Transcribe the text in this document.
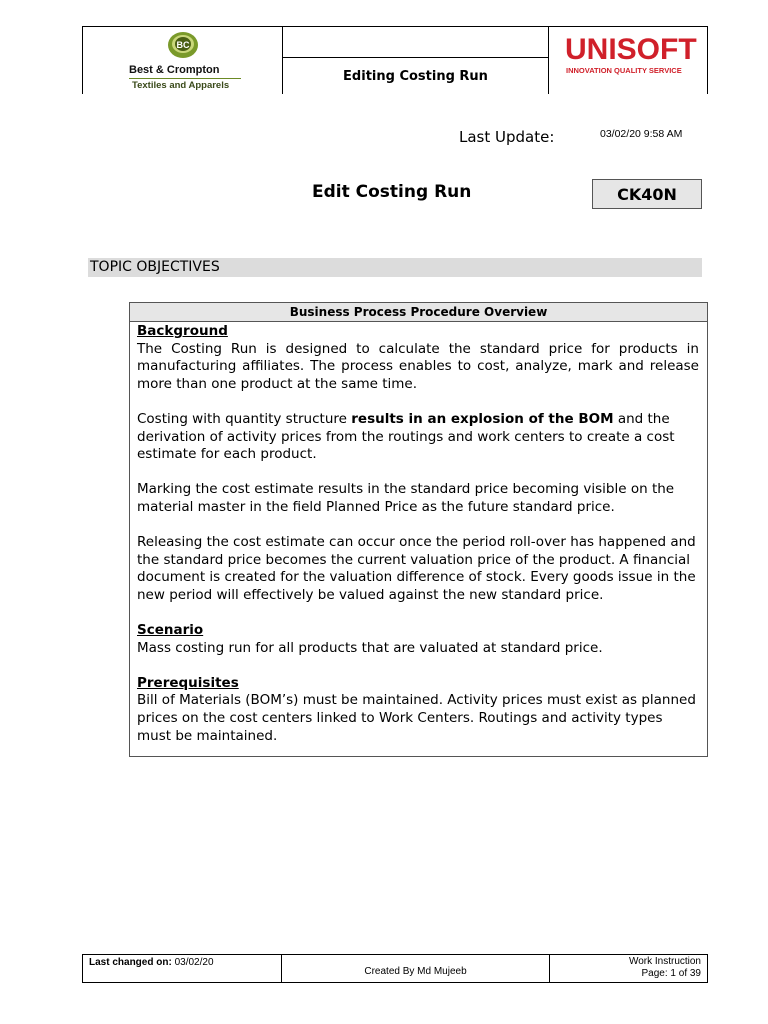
BC
Best & Crompton
Textiles and Apparels
Editing Costing Run
UNISOFT
INNOVATION QUALITY SERVICE
Last Update:	03/02/20 9:58 AM
Edit Costing Run	CK40N
TOPIC OBJECTIVES
Business Process Procedure Overview
Background

The Costing Run is designed to calculate the standard price for products in manufacturing affiliates. The process enables to cost, analyze, mark and release more than one product at the same time.

Costing with quantity structure results in an explosion of the BOM and the derivation of activity prices from the routings and work centers to create a cost estimate for each product.

Marking the cost estimate results in the standard price becoming visible on the material master in the field Planned Price as the future standard price.

Releasing the cost estimate can occur once the period roll-over has happened and the standard price becomes the current valuation price of the product. A financial document is created for the valuation difference of stock. Every goods issue in the new period will effectively be valued against the new standard price.

Scenario

Mass costing run for all products that are valuated at standard price.

Prerequisites

Bill of Materials (BOM’s) must be maintained. Activity prices must exist as planned prices on the cost centers linked to Work Centers. Routings and activity types must be maintained.

Last changed on: 03/02/20
Created By Md Mujeeb
Work Instruction
Page: 1 of 39
